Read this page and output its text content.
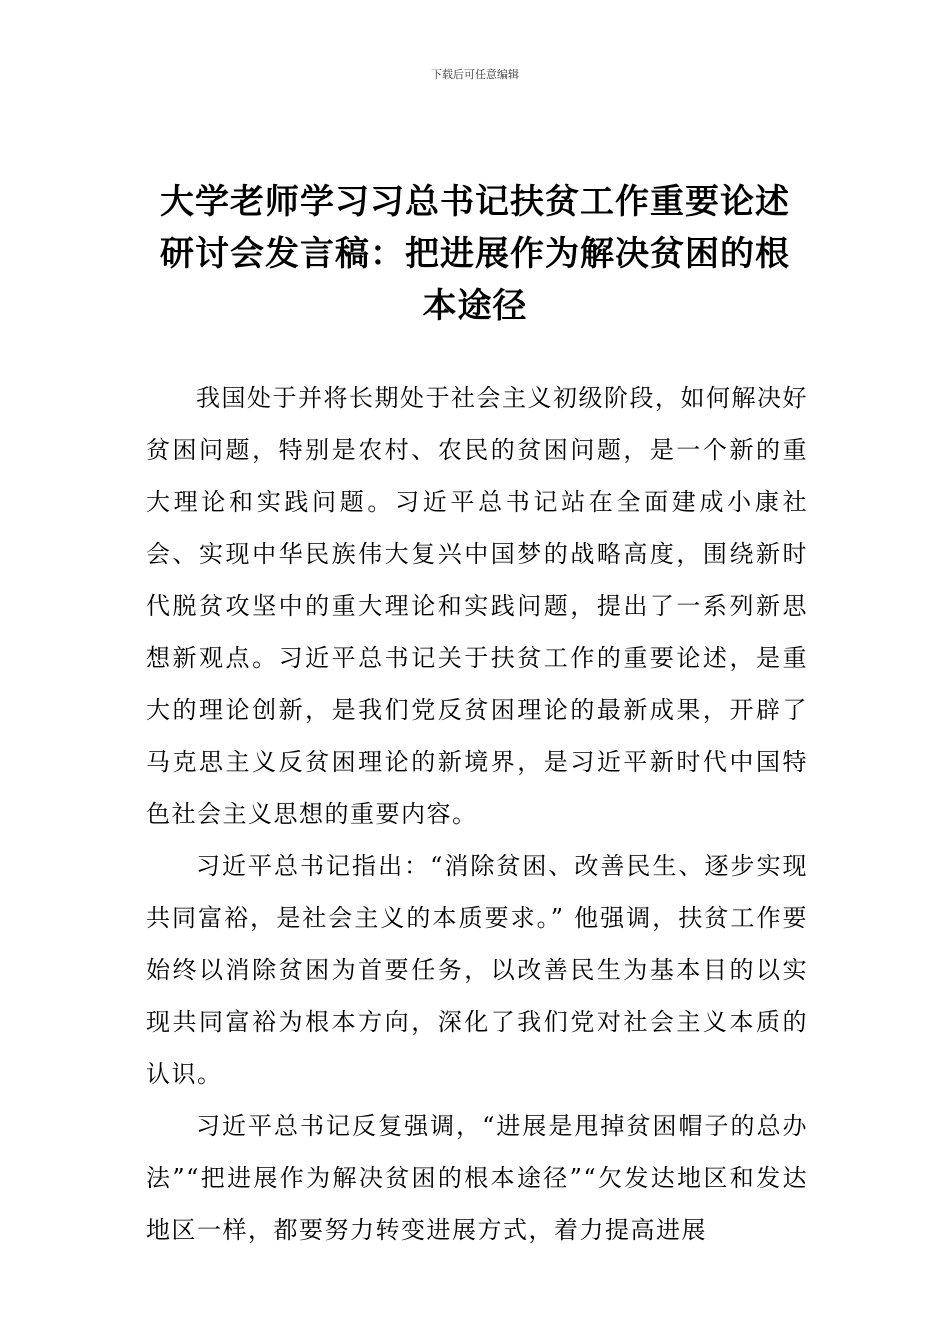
下载后可任意编辑
大学老师学习习总书记扶贫工作重要论述研讨会发言稿：把进展作为解决贫困的根本途径

我国处于并将长期处于社会主义初级阶段，如何解决好贫困问题，特别是农村、农民的贫困问题，是一个新的重大理论和实践问题。习近平总书记站在全面建成小康社会、实现中华民族伟大复兴中国梦的战略高度，围绕新时代脱贫攻坚中的重大理论和实践问题，提出了一系列新思想新观点。习近平总书记关于扶贫工作的重要论述，是重大的理论创新，是我们党反贫困理论的最新成果，开辟了马克思主义反贫困理论的新境界，是习近平新时代中国特色社会主义思想的重要内容。

习近平总书记指出：“消除贫困、改善民生、逐步实现共同富裕，是社会主义的本质要求。” 他强调，扶贫工作要始终以消除贫困为首要任务，以改善民生为基本目的以实现共同富裕为根本方向，深化了我们党对社会主义本质的认识。

习近平总书记反复强调，“进展是甩掉贫困帽子的总办法”“把进展作为解决贫困的根本途径”“欠发达地区和发达地区一样，都要努力转变进展方式，着力提高进展
